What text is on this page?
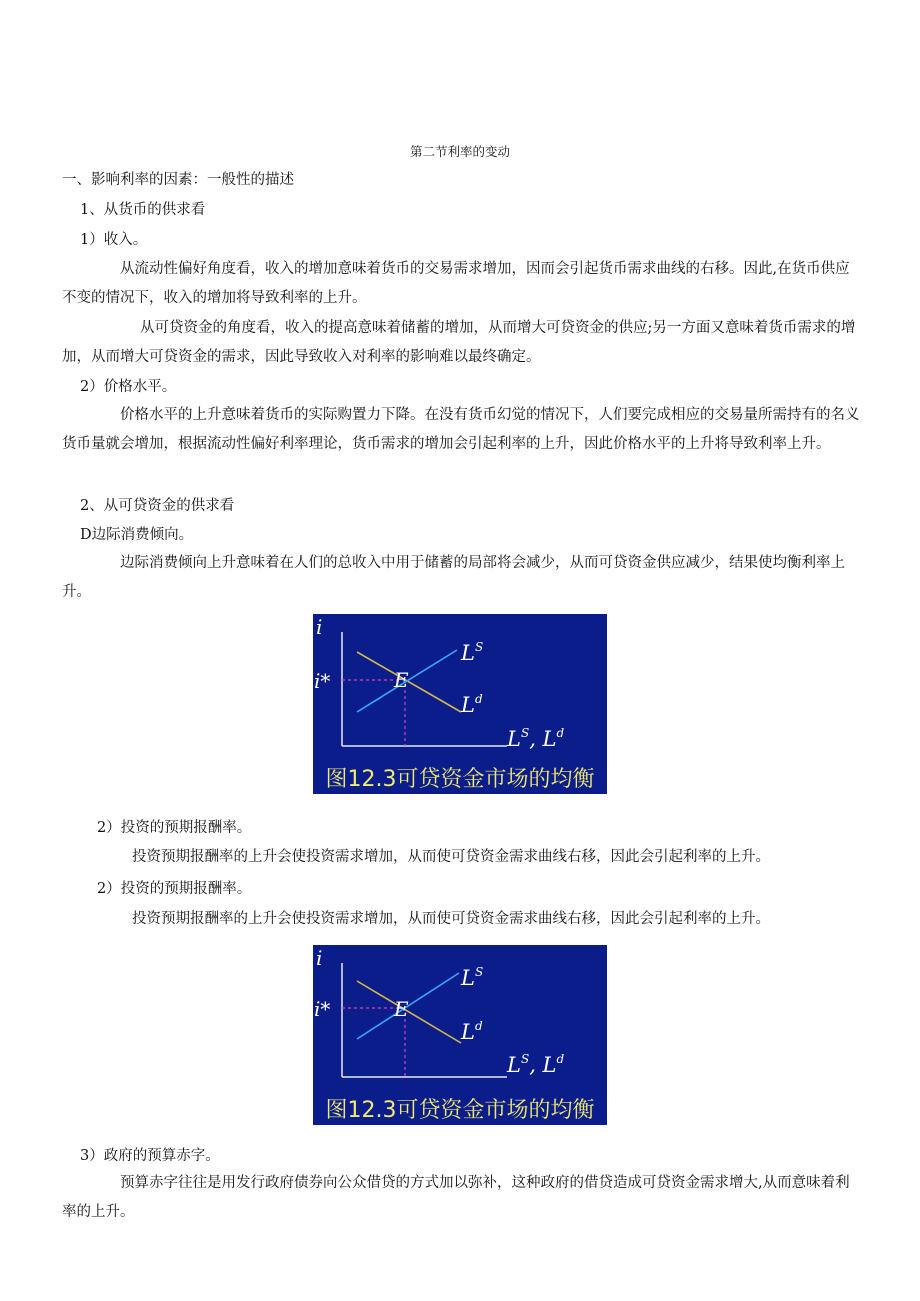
第二节利率的变动
一、影响利率的因素：一般性的描述
1、从货币的供求看
1）收入。
从流动性偏好角度看，收入的增加意味着货币的交易需求增加，因而会引起货币需求曲线的右移。因此,在货币供应不变的情况下，收入的增加将导致利率的上升。
从可贷资金的角度看，收入的提高意味着储蓄的增加，从而增大可贷资金的供应;另一方面又意味着货币需求的增加，从而增大可贷资金的需求，因此导致收入对利率的影响难以最终确定。
2）价格水平。
价格水平的上升意味着货币的实际购置力下降。在没有货币幻觉的情况下，人们要完成相应的交易量所需持有的名义货币量就会增加，根据流动性偏好利率理论，货币需求的增加会引起利率的上升，因此价格水平的上升将导致利率上升。
2、从可贷资金的供求看
D边际消费倾向。
边际消费倾向上升意味着在人们的总收入中用于储蓄的局部将会减少，从而可贷资金供应减少，结果使均衡利率上升。
i
i*	E
$L^S$
$L^d$
$L^S$, $L^d$
图12.3可贷资金市场的均衡
2）投资的预期报酬率。
投资预期报酬率的上升会使投资需求增加，从而使可贷资金需求曲线右移，因此会引起利率的上升。
2）投资的预期报酬率。
投资预期报酬率的上升会使投资需求增加，从而使可贷资金需求曲线右移，因此会引起利率的上升。
i
i*	E
$L^S$
$L^d$
$L^S$, $L^d$
图12.3可贷资金市场的均衡
3）政府的预算赤字。
预算赤字往往是用发行政府债券向公众借贷的方式加以弥补，这种政府的借贷造成可贷资金需求增大,从而意味着利率的上升。
